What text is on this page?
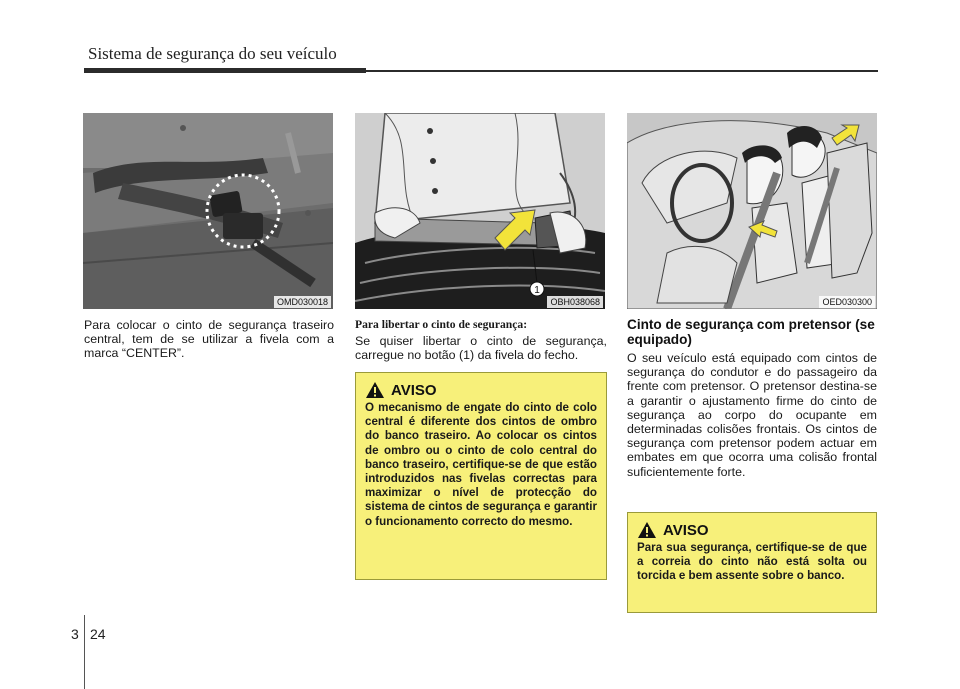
Sistema de segurança do seu veículo
OMD030018
1
OBH038068	OED030300
Para colocar o cinto de segurança traseiro central, tem de se utilizar a fivela com a marca “CENTER”.
Para libertar o cinto de segurança:
Se quiser libertar o cinto de segurança, carregue no botão (1) da fivela do fecho.
AVISO
O mecanismo de engate do cinto de colo central é diferente dos cintos de ombro do banco traseiro. Ao colocar os cintos de ombro ou o cinto de colo central do banco traseiro, certifique-se de que estão introduzidos nas fivelas correctas para maximizar o nível de protecção do sistema de cintos de segurança e garantir o funcionamento correcto do mesmo.
Cinto de segurança com pretensor (se equipado)
O seu veículo está equipado com cintos de segurança do condutor e do passageiro da frente com pretensor. O pretensor destina-se a garantir o ajustamento firme do cinto de segurança ao corpo do ocupante em determinadas colisões frontais. Os cintos de segurança com pretensor podem actuar em embates em que ocorra uma colisão frontal suficientemente forte.
AVISO
Para sua segurança, certifique-se de que a correia do cinto não está solta ou torcida e bem assente sobre o banco.
3 24
